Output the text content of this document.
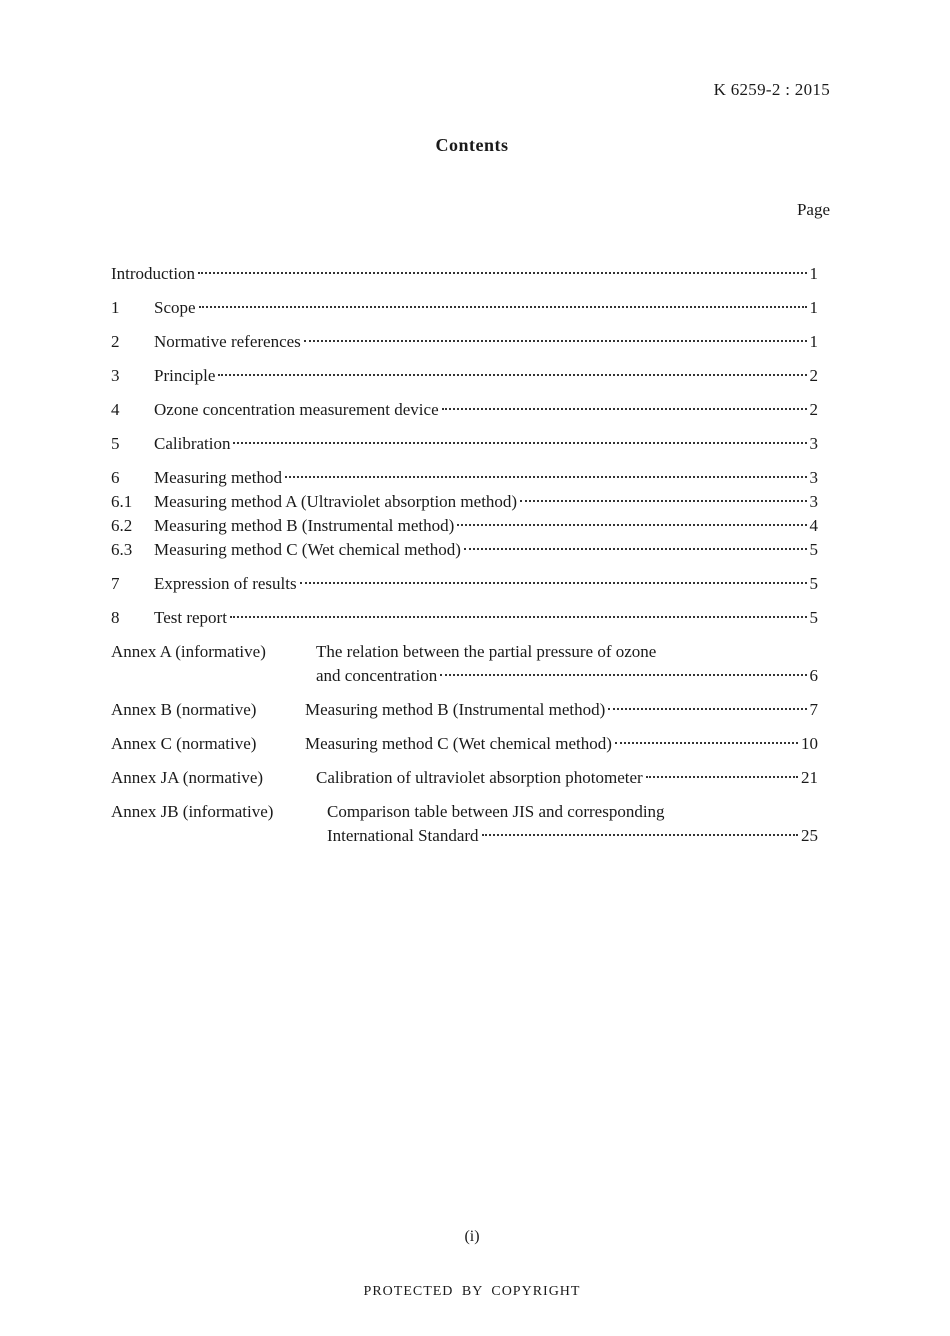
K 6259-2 : 2015
Contents
Page
Introduction	1
1	Scope	1
2	Normative references	1
3	Principle	2
4	Ozone concentration measurement device	2
5	Calibration	3
6	Measuring method	3
6.1	Measuring method A (Ultraviolet absorption method)	3
6.2	Measuring method B (Instrumental method)	4
6.3	Measuring method C (Wet chemical method)	5
7	Expression of results	5
8	Test report	5
Annex A (informative)	The relation between the partial pressure of ozone
and concentration	6
Annex B (normative)	Measuring method B (Instrumental method)	7
Annex C (normative)	Measuring method C (Wet chemical method)	10
Annex JA (normative)	Calibration of ultraviolet absorption photometer	21
Annex JB (informative)	Comparison table between JIS and corresponding
International Standard	25
(i)
PROTECTED BY COPYRIGHT
